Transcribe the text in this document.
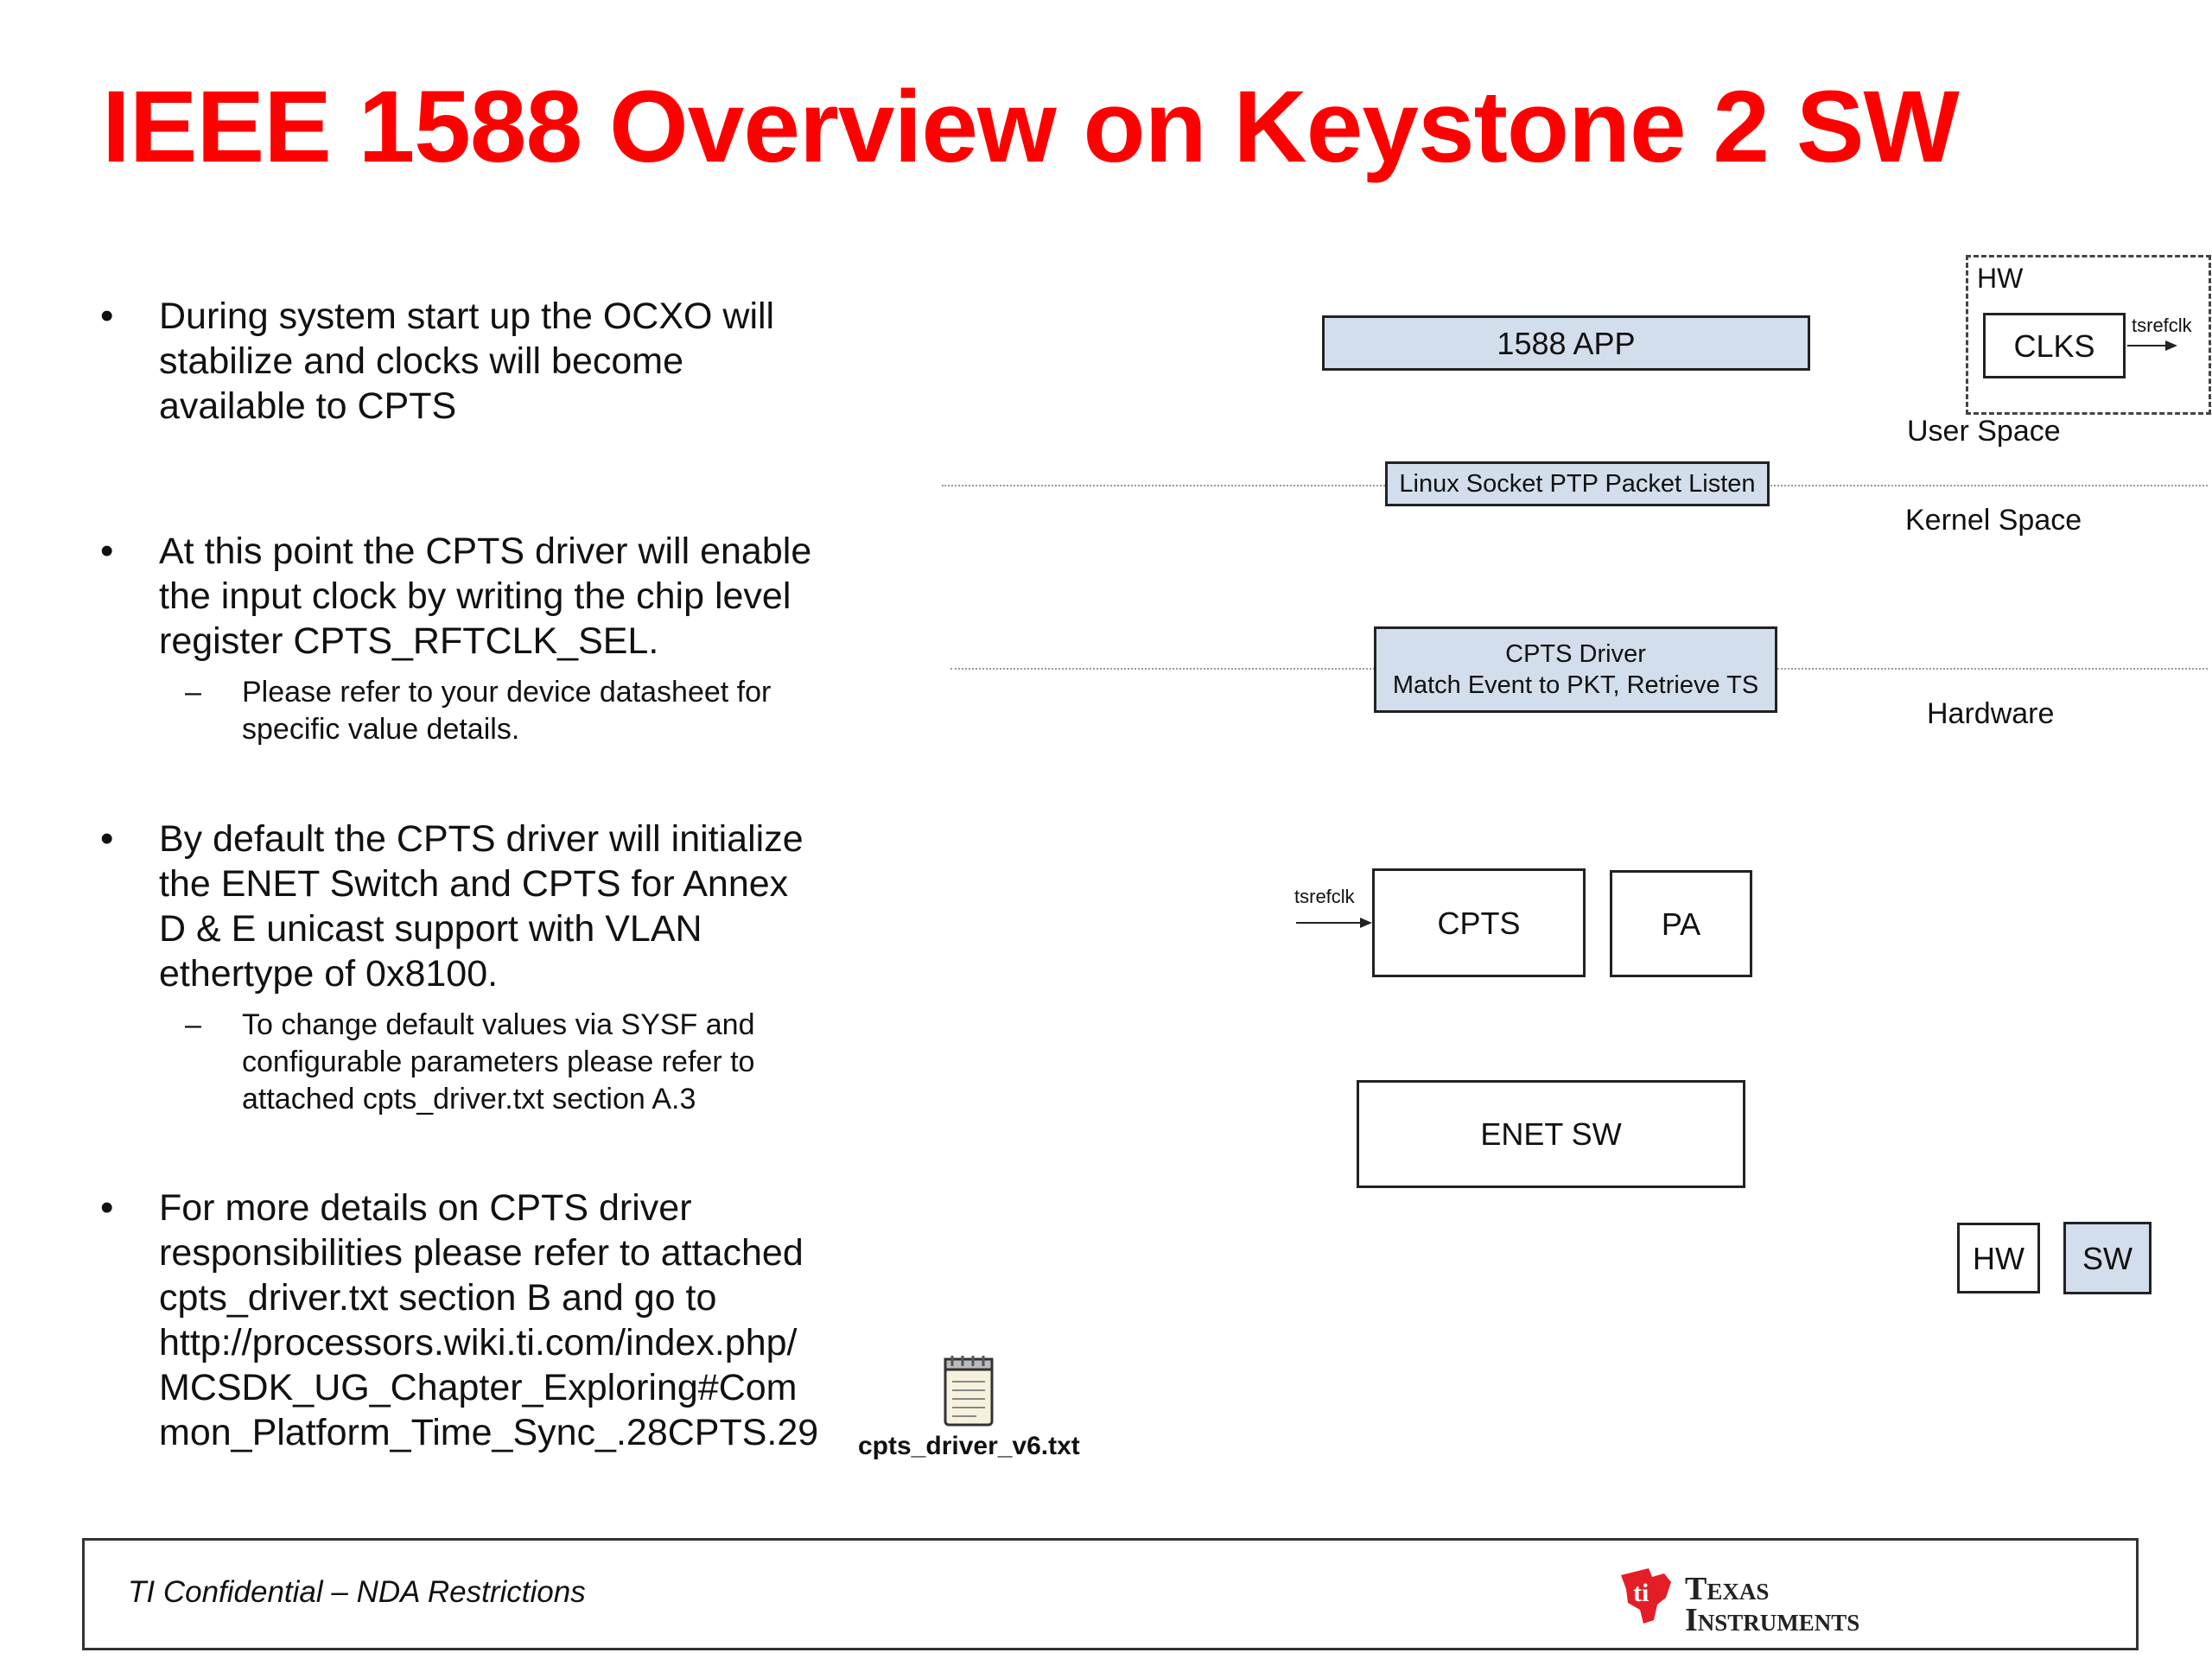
IEEE 1588 Overview on Keystone 2 SW
• During system start up the OCXO will
stabilize and clocks will become
available to CPTS
• At this point the CPTS driver will enable
the input clock by writing the chip level
register CPTS_RFTCLK_SEL.
– Please refer to your device datasheet for
specific value details.
• By default the CPTS driver will initialize
the ENET Switch and CPTS for Annex
D & E unicast support with VLAN
ethertype of 0x8100.
– To change default values via SYSF and
configurable parameters please refer to
attached cpts_driver.txt section A.3
• For more details on CPTS driver
responsibilities please refer to attached
cpts_driver.txt section B and go to
http://processors.wiki.ti.com/index.php/
MCSDK_UG_Chapter_Exploring#Com
mon_Platform_Time_Sync_.28CPTS.29	cpts_driver_v6.txt
1588 APP
Linux Socket PTP Packet Listen
CPTS Driver
Match Event to PKT, Retrieve TS
CPTS	PA
ENET SW
tsrefclk
HW
CLKS
tsrefclk
User Space
Kernel Space
Hardware
HW	SW
TI Confidential – NDA Restrictions	ti Texas
Instruments
